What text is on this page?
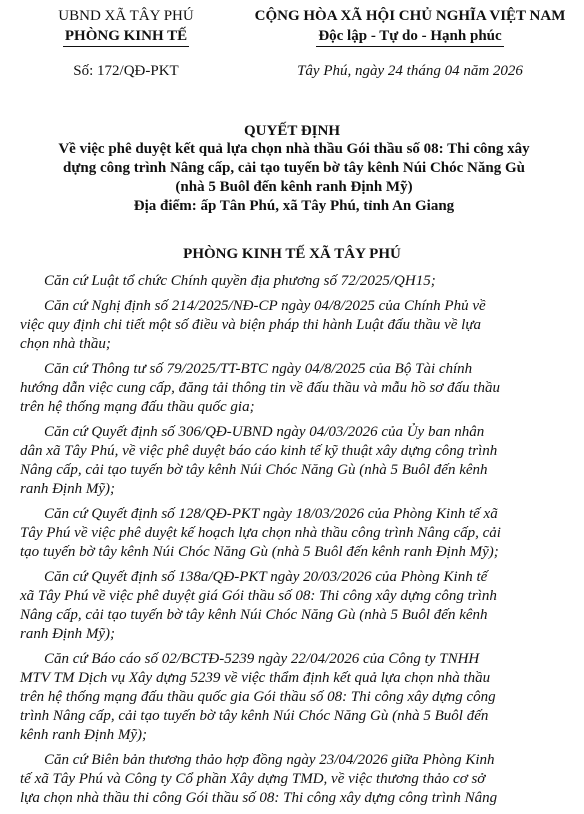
UBND XÃ TÂY PHÚ
PHÒNG KINH TẾ
Số: 172/QĐ-PKT
CỘNG HÒA XÃ HỘI CHỦ NGHĨA VIỆT NAM
Độc lập - Tự do - Hạnh phúc
Tây Phú, ngày 24 tháng 04 năm 2026
QUYẾT ĐỊNH
Về việc phê duyệt kết quả lựa chọn nhà thầu Gói thầu số 08: Thi công xây
dựng công trình Nâng cấp, cải tạo tuyến bờ tây kênh Núi Chóc Năng Gù
(nhà 5 Buôl đến kênh ranh Định Mỹ)
Địa điểm: ấp Tân Phú, xã Tây Phú, tỉnh An Giang
PHÒNG KINH TẾ XÃ TÂY PHÚ
Căn cứ Luật tổ chức Chính quyền địa phương số 72/2025/QH15;
Căn cứ Nghị định số 214/2025/NĐ-CP ngày 04/8/2025 của Chính Phủ về
việc quy định chi tiết một số điều và biện pháp thi hành Luật đấu thầu về lựa
chọn nhà thầu;
Căn cứ Thông tư số 79/2025/TT-BTC ngày 04/8/2025 của Bộ Tài chính
hướng dẫn việc cung cấp, đăng tải thông tin về đấu thầu và mẫu hồ sơ đấu thầu
trên hệ thống mạng đấu thầu quốc gia;
Căn cứ Quyết định số 306/QĐ-UBND ngày 04/03/2026 của Ủy ban nhân
dân xã Tây Phú, về việc phê duyệt báo cáo kinh tế kỹ thuật xây dựng công trình
Nâng cấp, cải tạo tuyến bờ tây kênh Núi Chóc Năng Gù (nhà 5 Buôl đến kênh
ranh Định Mỹ);
Căn cứ Quyết định số 128/QĐ-PKT ngày 18/03/2026 của Phòng Kinh tế xã
Tây Phú về việc phê duyệt kế hoạch lựa chọn nhà thầu công trình Nâng cấp, cải
tạo tuyến bờ tây kênh Núi Chóc Năng Gù (nhà 5 Buôl đến kênh ranh Định Mỹ);
Căn cứ Quyết định số 138a/QĐ-PKT ngày 20/03/2026 của Phòng Kinh tế
xã Tây Phú về việc phê duyệt giá Gói thầu số 08: Thi công xây dựng công trình
Nâng cấp, cải tạo tuyến bờ tây kênh Núi Chóc Năng Gù (nhà 5 Buôl đến kênh
ranh Định Mỹ);
Căn cứ Báo cáo số 02/BCTĐ-5239 ngày 22/04/2026 của Công ty TNHH
MTV TM Dịch vụ Xây dựng 5239 về việc thẩm định kết quả lựa chọn nhà thầu
trên hệ thống mạng đấu thầu quốc gia Gói thầu số 08: Thi công xây dựng công
trình Nâng cấp, cải tạo tuyến bờ tây kênh Núi Chóc Năng Gù (nhà 5 Buôl đến
kênh ranh Định Mỹ);
Căn cứ Biên bản thương thảo hợp đồng ngày 23/04/2026 giữa Phòng Kinh
tế xã Tây Phú và Công ty Cổ phần Xây dựng TMD, về việc thương thảo cơ sở
lựa chọn nhà thầu thi công Gói thầu số 08: Thi công xây dựng công trình Nâng
